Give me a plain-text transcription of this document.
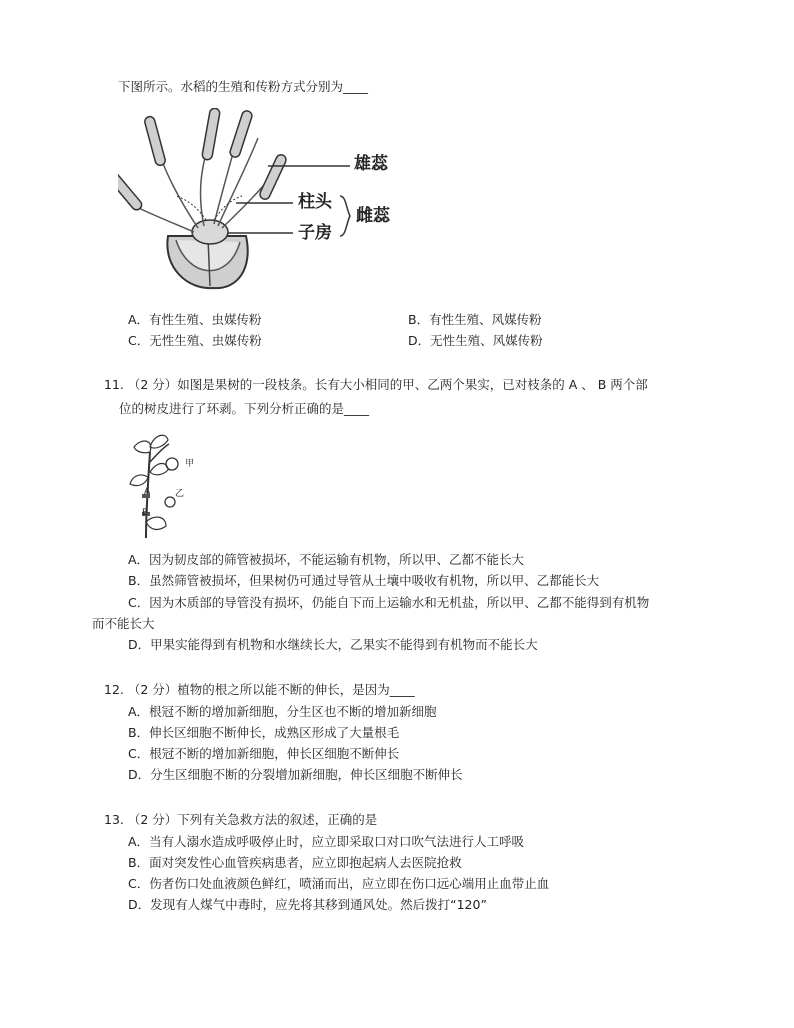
下图所示。水稻的生殖和传粉方式分别为____
雄蕊
柱头
雌蕊
子房
A．有性生殖、虫媒传粉	B．有性生殖、风媒传粉
C．无性生殖、虫媒传粉	D．无性生殖、风媒传粉
11. （2 分）如图是果树的一段枝条。长有大小相同的甲、乙两个果实，已对枝条的 A 、 B 两个部
位的树皮进行了环剥。下列分析正确的是____
甲
乙
A
B
A．因为韧皮部的筛管被损坏，不能运输有机物，所以甲、乙都不能长大
B．虽然筛管被损坏，但果树仍可通过导管从土壤中吸收有机物，所以甲、乙都能长大
C．因为木质部的导管没有损坏，仍能自下而上运输水和无机盐，所以甲、乙都不能得到有机物
而不能长大
D．甲果实能得到有机物和水继续长大，乙果实不能得到有机物而不能长大
12. （2 分）植物的根之所以能不断的伸长，是因为____
A．根冠不断的增加新细胞，分生区也不断的增加新细胞
B．伸长区细胞不断伸长，成熟区形成了大量根毛
C．根冠不断的增加新细胞，伸长区细胞不断伸长
D．分生区细胞不断的分裂增加新细胞，伸长区细胞不断伸长
13. （2 分）下列有关急救方法的叙述，正确的是
A．当有人溺水造成呼吸停止时，应立即采取口对口吹气法进行人工呼吸
B．面对突发性心血管疾病患者，应立即抱起病人去医院抢救
C．伤者伤口处血液颜色鲜红，喷涌而出，应立即在伤口远心端用止血带止血
D．发现有人煤气中毒时，应先将其移到通风处。然后拨打“120”
